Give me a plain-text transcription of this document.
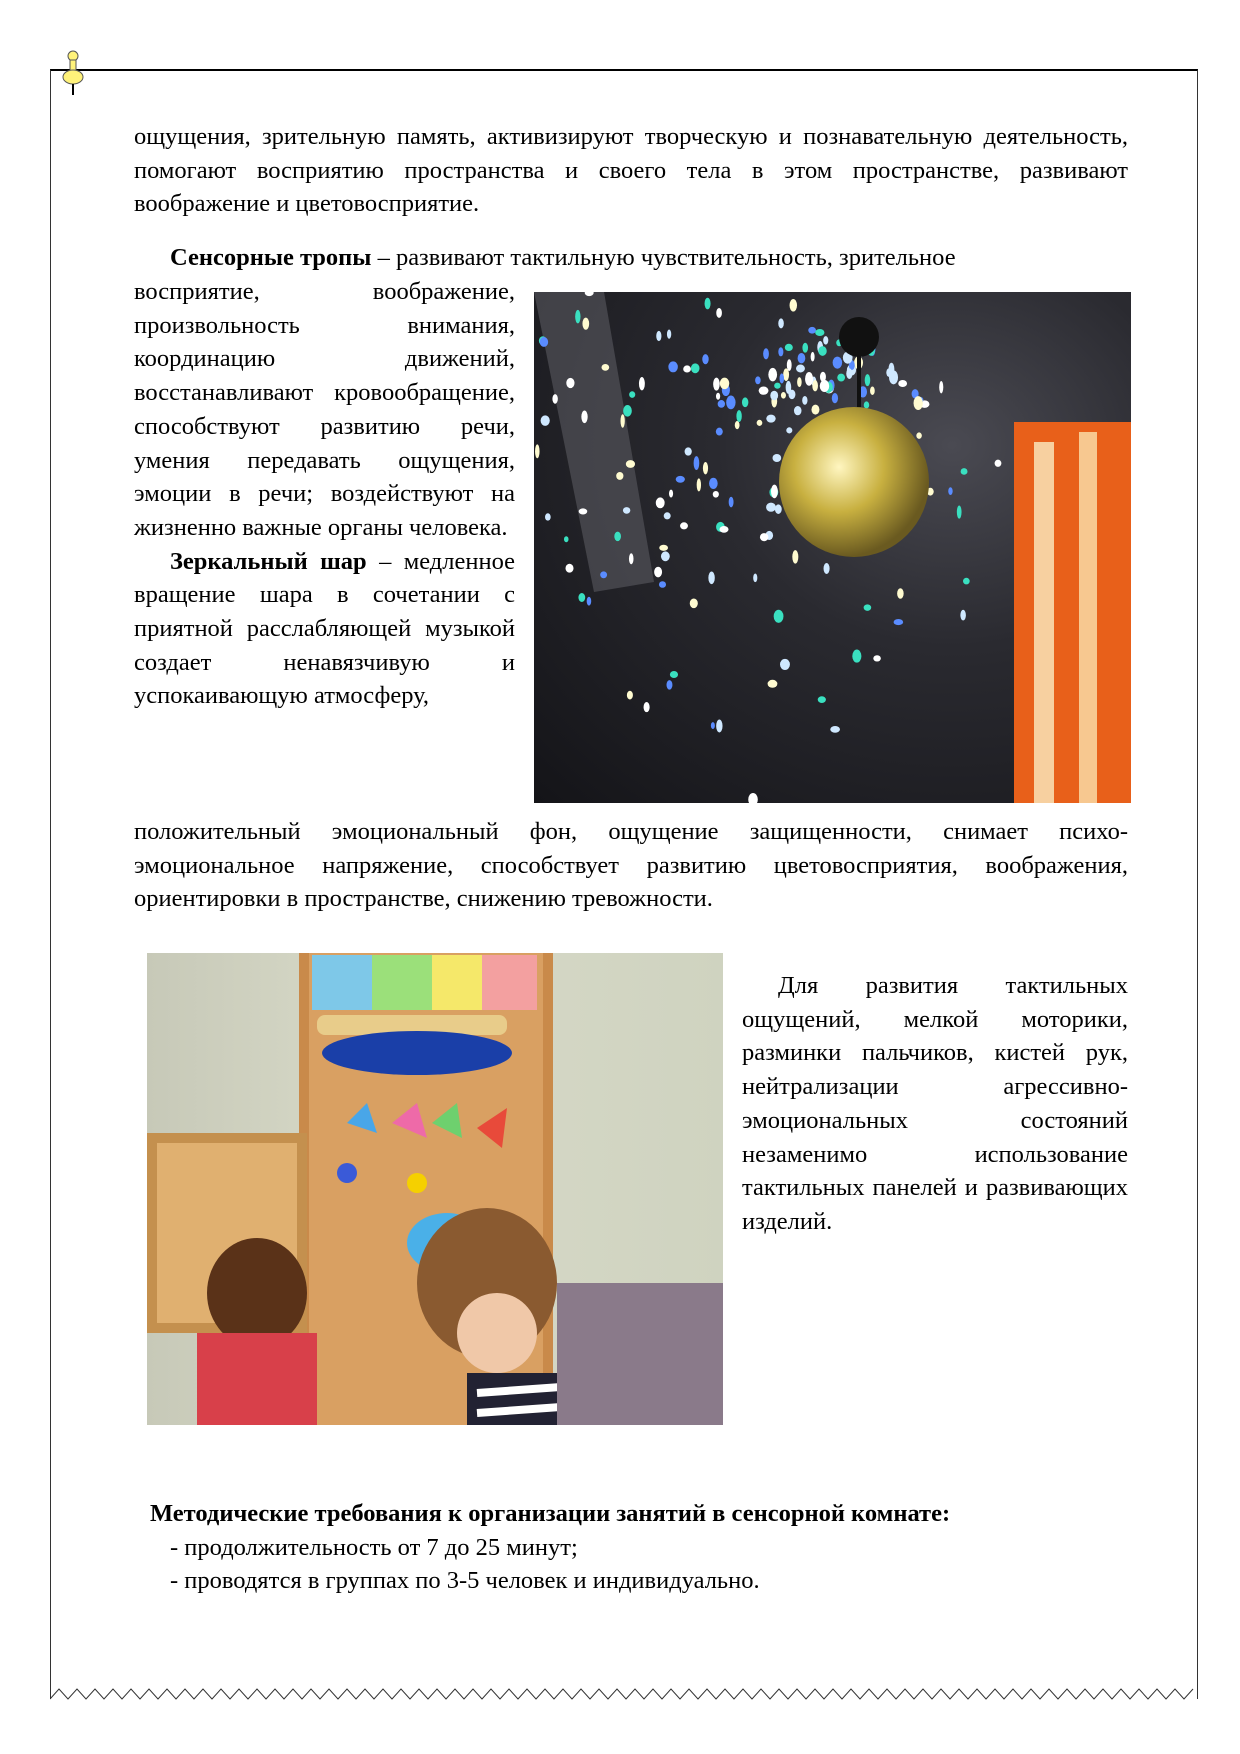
ощущения, зрительную память, активизируют творческую и познавательную деятельность, помогают восприятию пространства и своего тела в этом пространстве, развивают воображение и цветовосприятие.

Сенсорные тропы – развивают тактильную чувствительность, зрительное

восприятие, воображение, произвольность внимания, координацию движений, восстанавливают кровообращение, способствуют развитию речи, умения передавать ощущения, эмоции в речи; воздействуют на жизненно важные органы человека.

Зеркальный шар – медленное вращение шара в сочетании с приятной расслабляющей музыкой создает ненавязчивую и успокаивающую атмосферу,

положительный эмоциональный фон, ощущение защищенности, снимает психо-эмоциональное напряжение, способствует развитию цветовосприятия, воображения, ориентировки в пространстве, снижению тревожности.

Для развития тактильных ощущений, мелкой моторики, разминки пальчиков, кистей рук, нейтрализации агрессивно-эмоциональных состояний незаменимо использование тактильных панелей и развивающих изделий.

Методические требования к организации занятий в сенсорной комнате:

- продолжительность от 7 до 25 минут;

- проводятся в группах по 3-5 человек и индивидуально.
